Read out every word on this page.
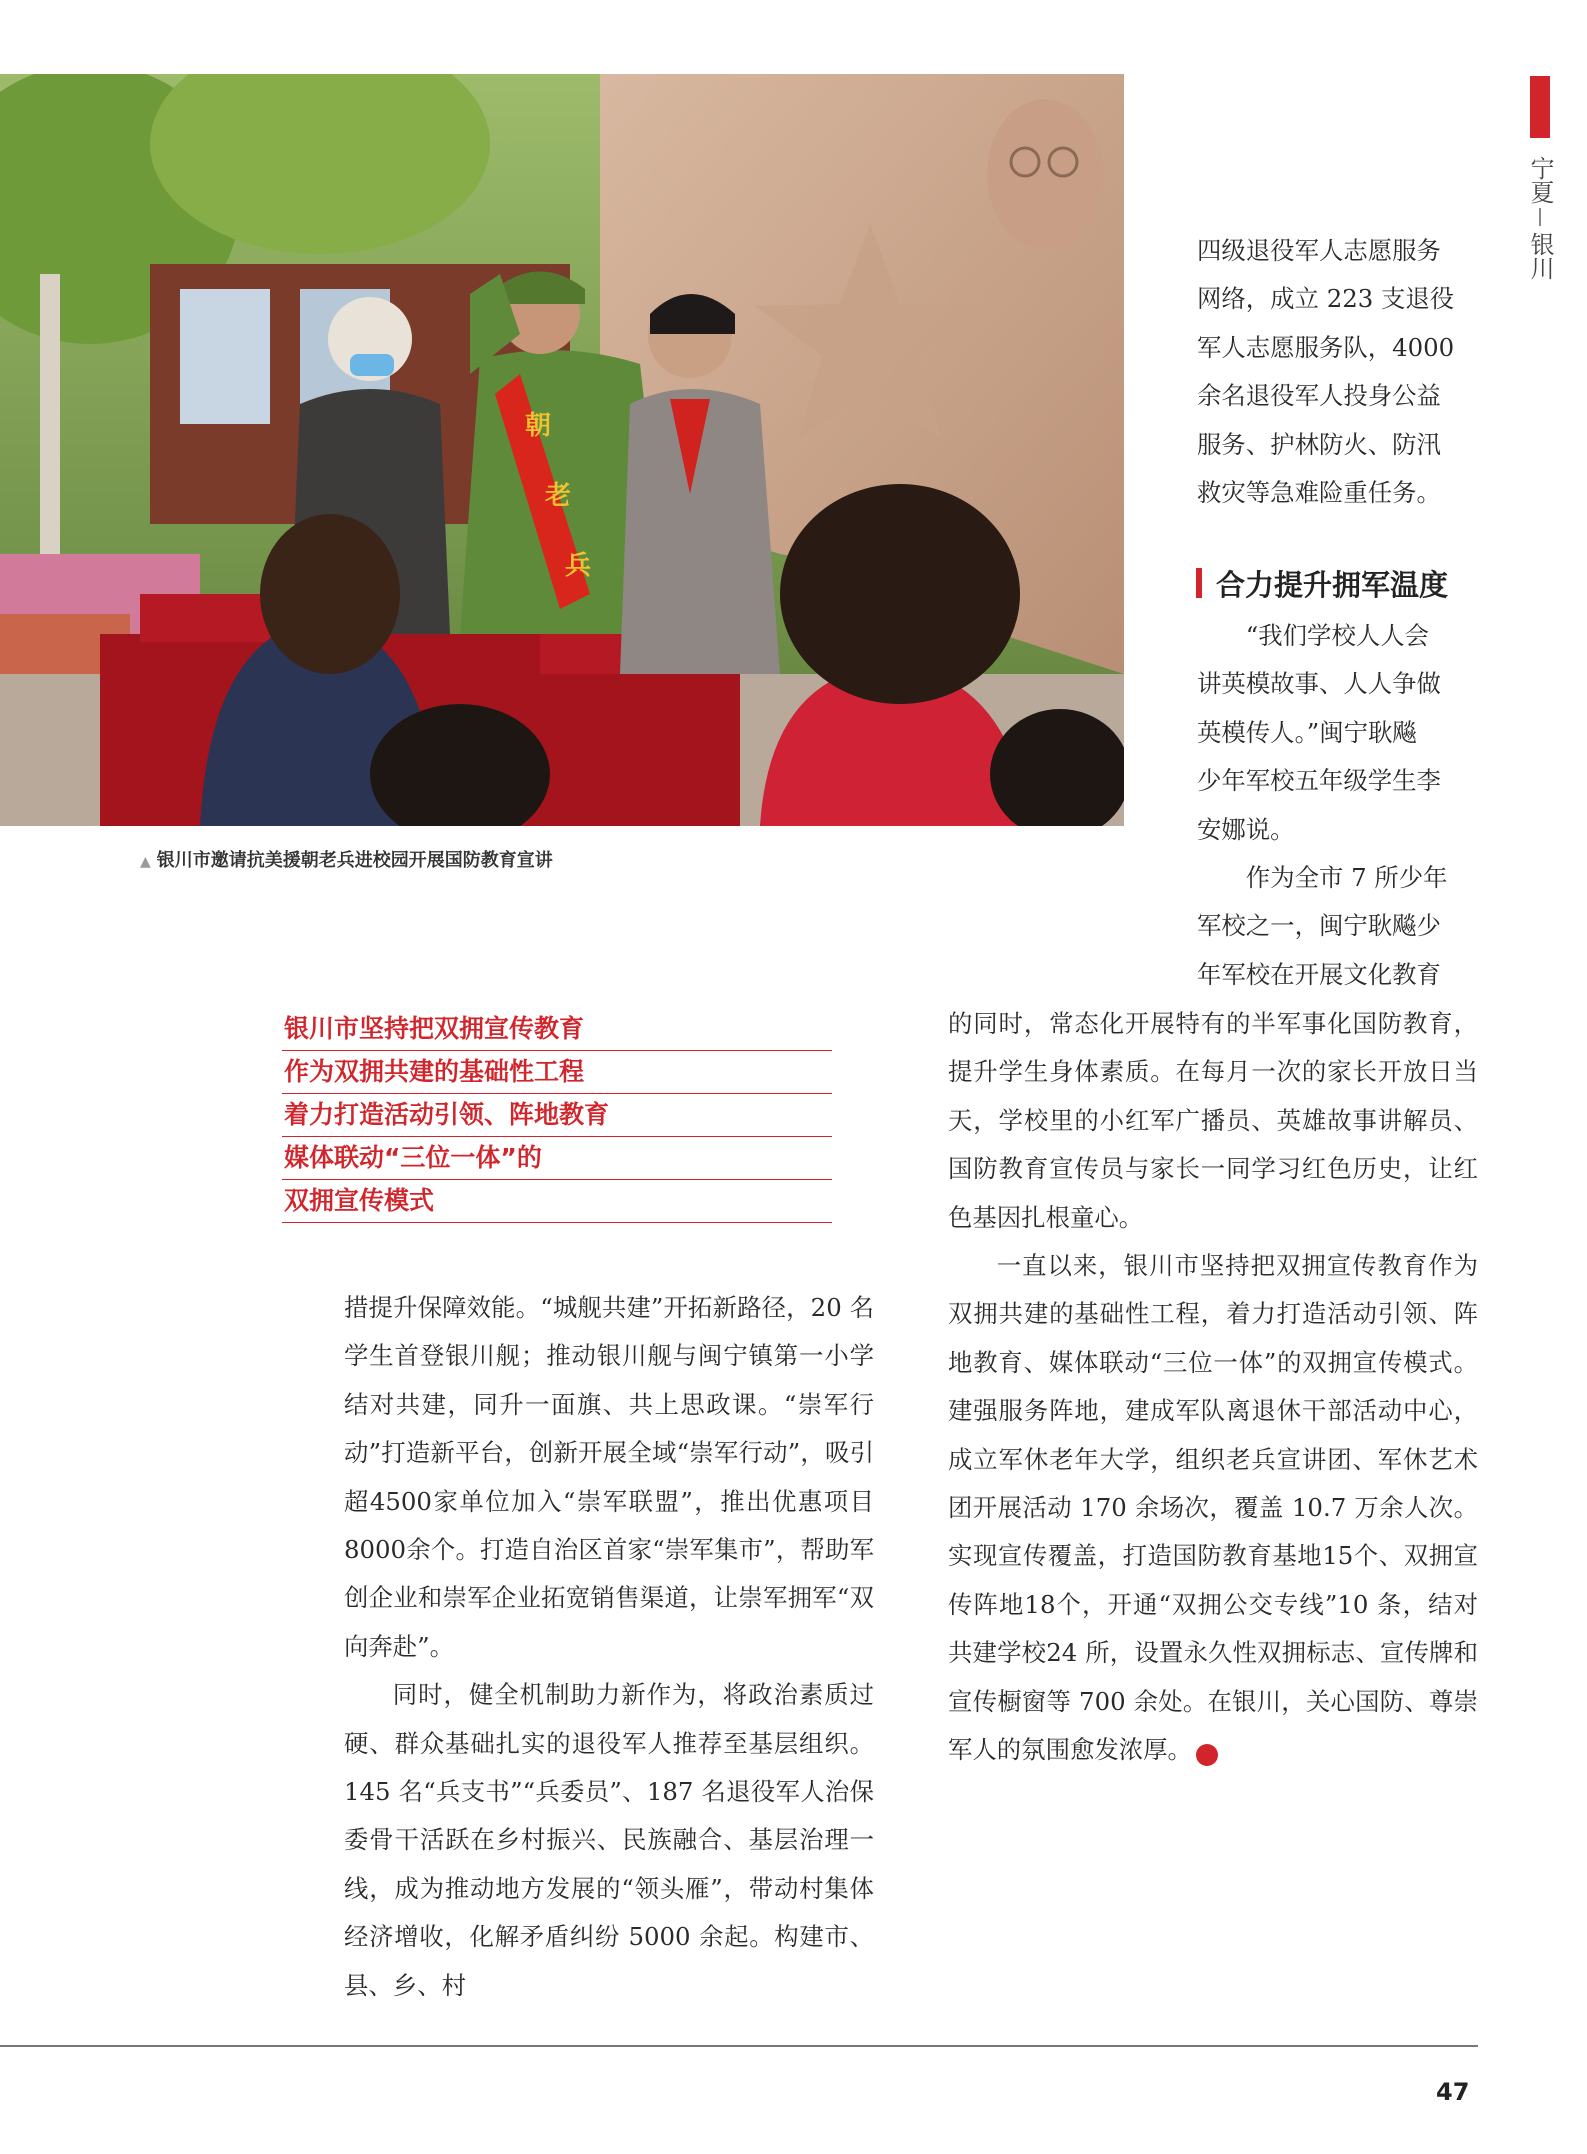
朝
老
兵
▲ 银川市邀请抗美援朝老兵进校园开展国防教育宣讲
宁夏
银川
四级退役军人志愿服务
网络，成立 223 支退役
军人志愿服务队，4000
余名退役军人投身公益
服务、护林防火、防汛
救灾等急难险重任务。
合力提升拥军温度
“我们学校人人会
讲英模故事、人人争做
英模传人。”闽宁耿飚
少年军校五年级学生李
安娜说。
作为全市 7 所少年
军校之一，闽宁耿飚少
年军校在开展文化教育

的同时，常态化开展特有的半军事化国防教育，提升学生身体素质。在每月一次的家长开放日当天，学校里的小红军广播员、英雄故事讲解员、国防教育宣传员与家长一同学习红色历史，让红色基因扎根童心。

一直以来，银川市坚持把双拥宣传教育作为双拥共建的基础性工程，着力打造活动引领、阵地教育、媒体联动“三位一体”的双拥宣传模式。建强服务阵地，建成军队离退休干部活动中心，成立军休老年大学，组织老兵宣讲团、军休艺术团开展活动 170 余场次，覆盖 10.7 万余人次。实现宣传覆盖，打造国防教育基地15个、双拥宣传阵地18个，开通“双拥公交专线”10 条，结对共建学校24 所，设置永久性双拥标志、宣传牌和宣传橱窗等 700 余处。在银川，关心国防、尊崇军人的氛围愈发浓厚。	N

银川市坚持把双拥宣传教育
作为双拥共建的基础性工程
着力打造活动引领、阵地教育
媒体联动“三位一体”的
双拥宣传模式

措提升保障效能。“城舰共建”开拓新路径，20 名学生首登银川舰；推动银川舰与闽宁镇第一小学结对共建，同升一面旗、共上思政课。“崇军行动”打造新平台，创新开展全域“崇军行动”，吸引超4500家单位加入“崇军联盟”，推出优惠项目8000余个。打造自治区首家“崇军集市”，帮助军创企业和崇军企业拓宽销售渠道，让崇军拥军“双向奔赴”。

同时，健全机制助力新作为，将政治素质过硬、群众基础扎实的退役军人推荐至基层组织。145 名“兵支书”“兵委员”、187 名退役军人治保委骨干活跃在乡村振兴、民族融合、基层治理一线，成为推动地方发展的“领头雁”，带动村集体经济增收，化解矛盾纠纷 5000 余起。构建市、县、乡、村

47
